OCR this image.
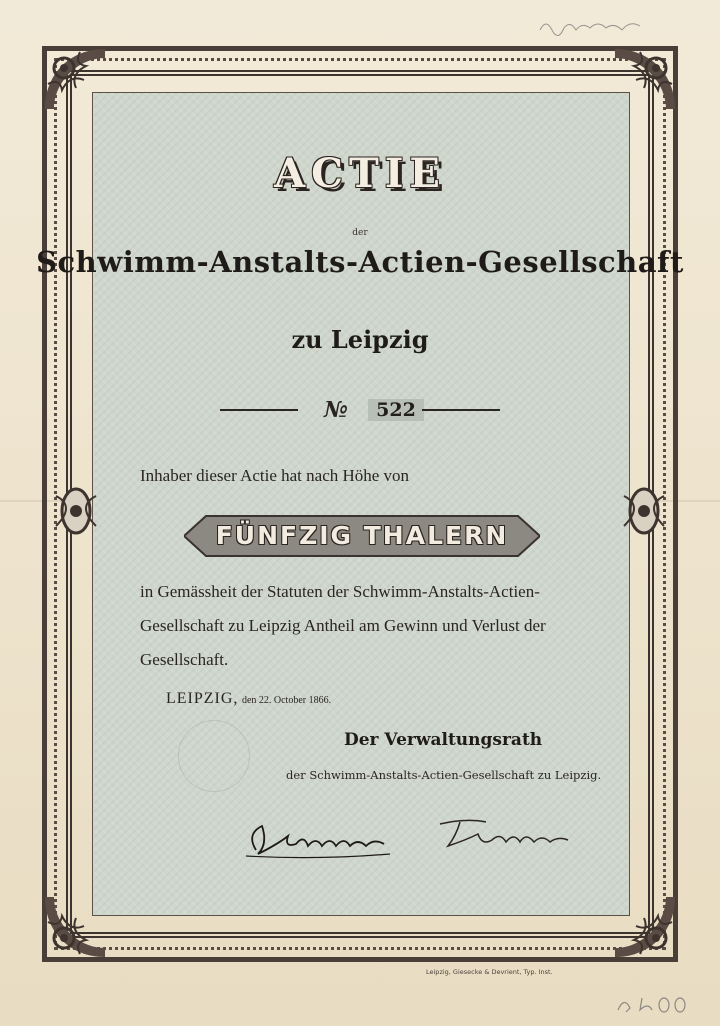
ACTIE
der
Schwimm-Anstalts-Actien-Gesellschaft
zu Leipzig
№	522
Inhaber dieser Actie hat nach Höhe von
FÜNFZIG THALERN
in Gemässheit der Statuten der Schwimm-Anstalts-Actien-
Gesellschaft zu Leipzig Antheil am Gewinn und Verlust der
Gesellschaft.
LEIPZIG, den 22. October 1866.
Der Verwaltungsrath
der Schwimm-Anstalts-Actien-Gesellschaft zu Leipzig.
Leipzig, Giesecke & Devrient, Typ. Inst.
